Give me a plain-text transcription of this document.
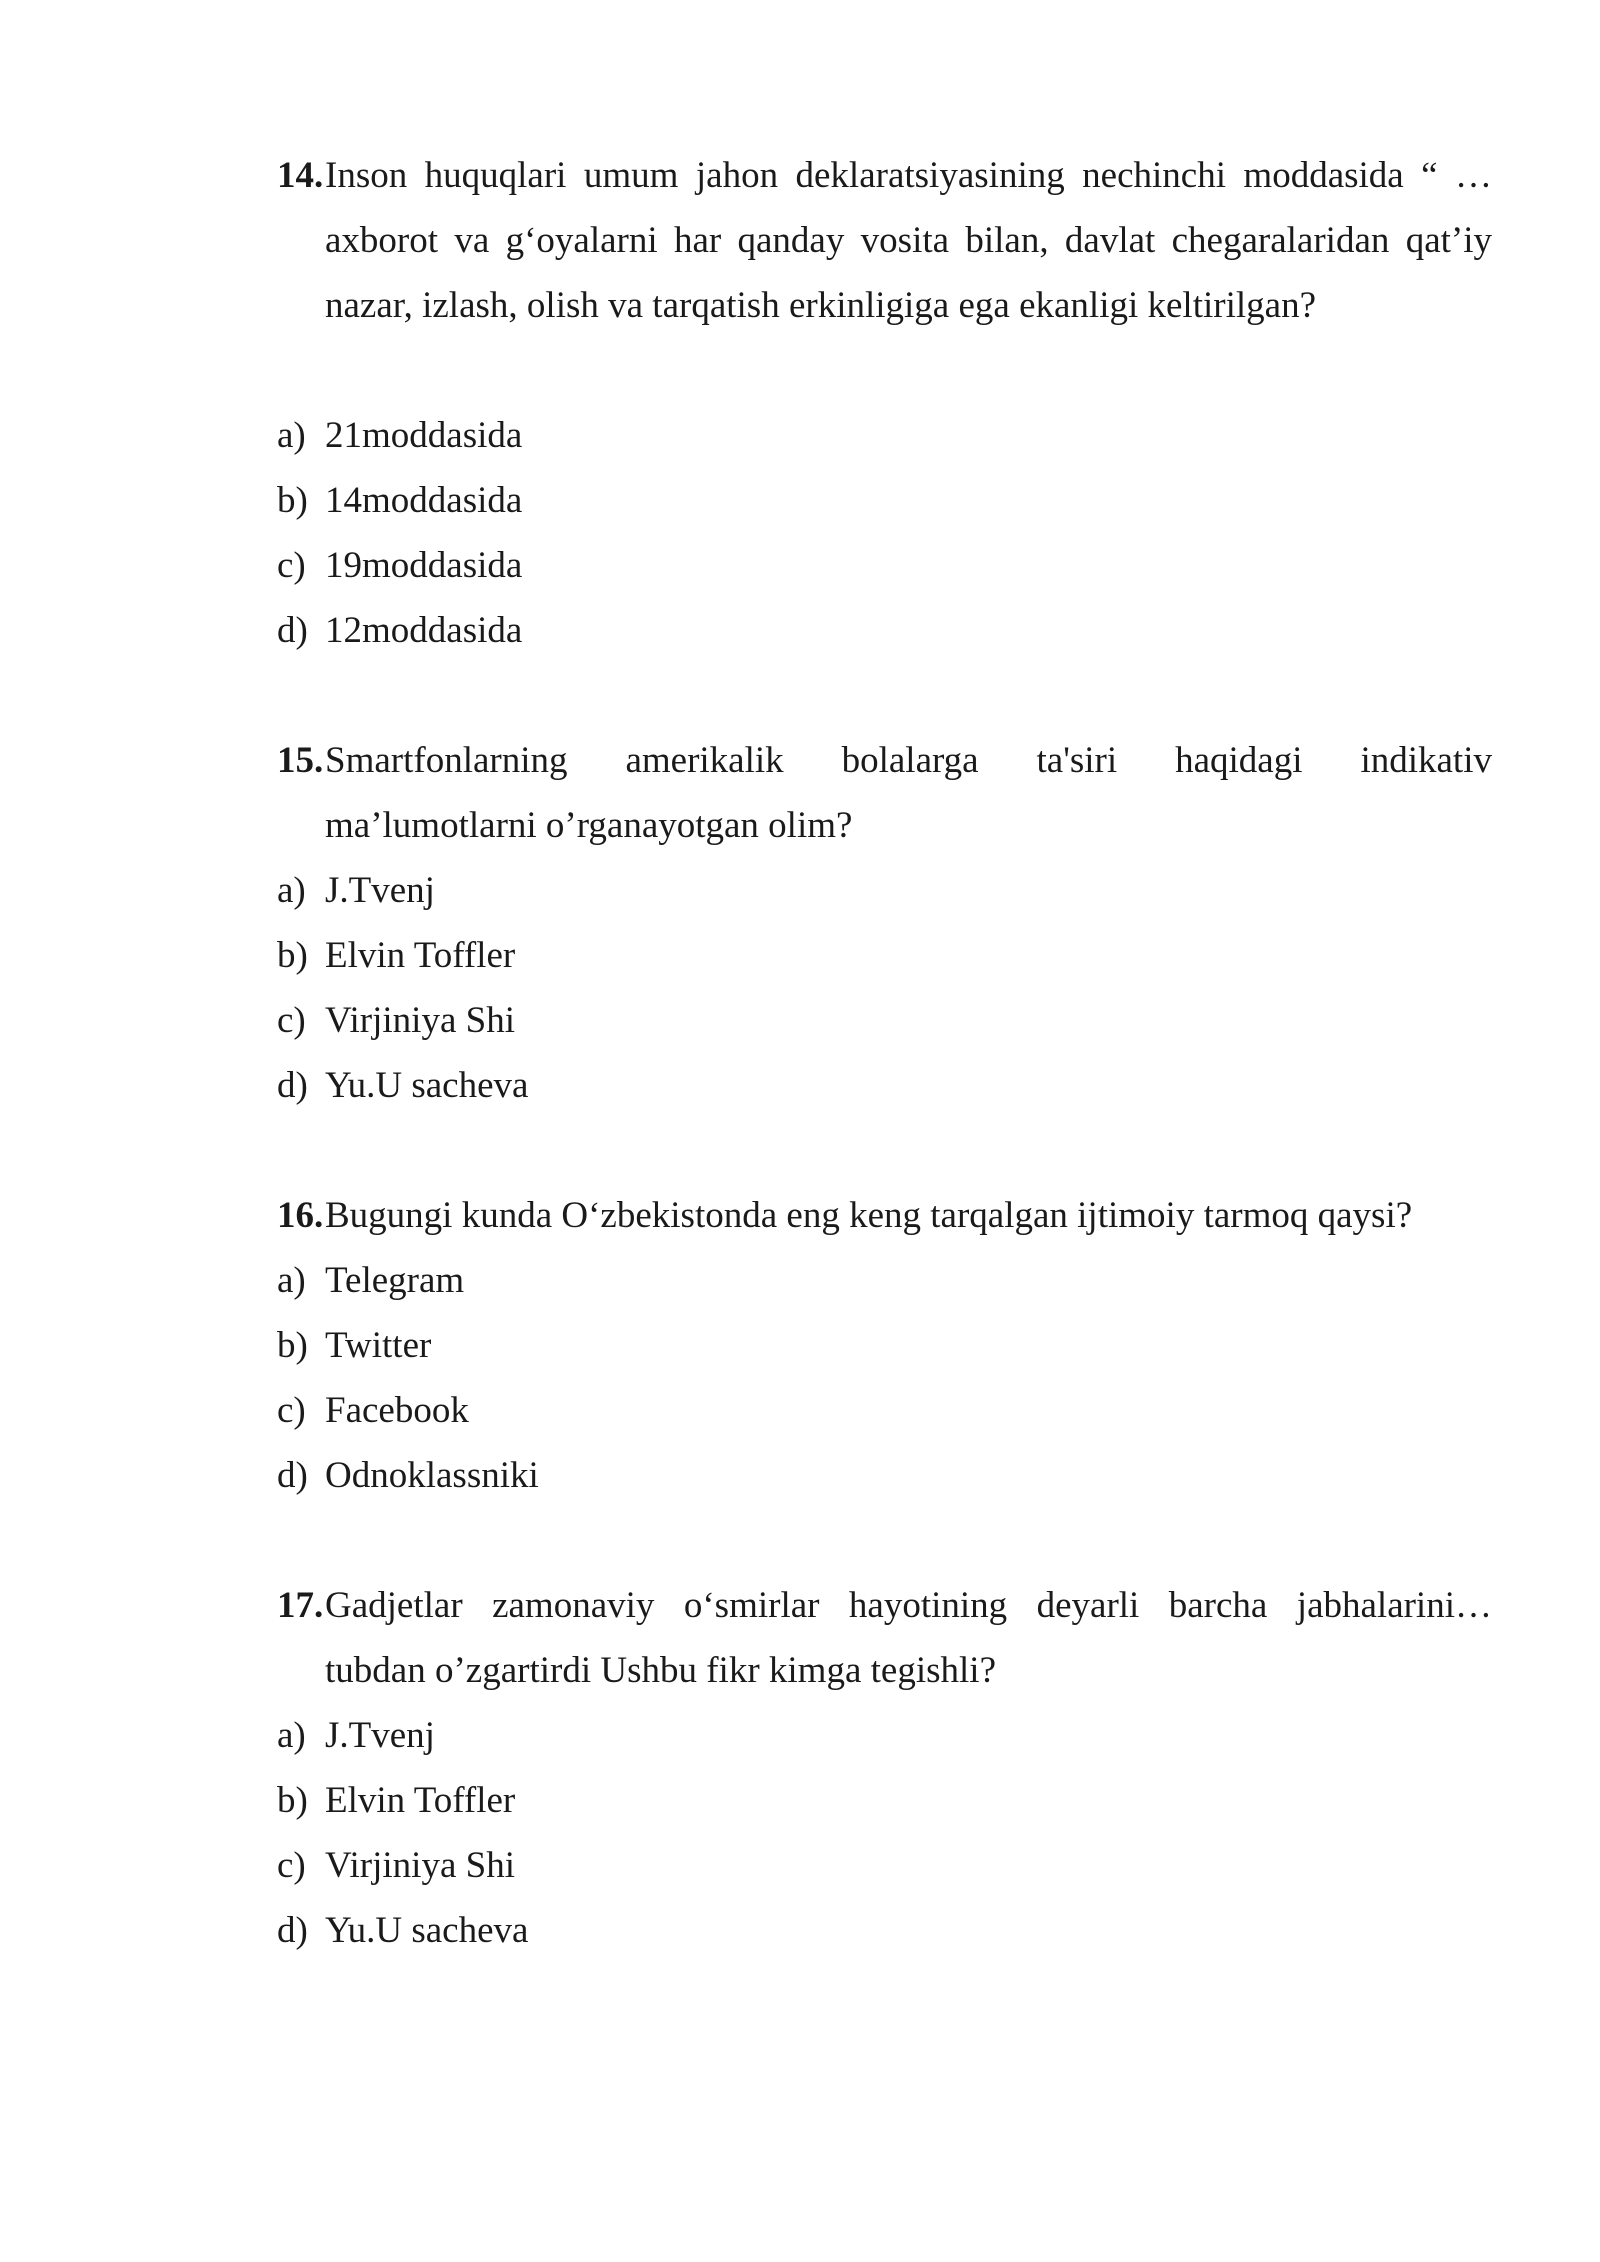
14. Inson huquqlari umum jahon deklaratsiyasining nechinchi moddasida “ …
axborot va g‘oyalarni har qanday vosita bilan, davlat chegaralaridan qat’iy
nazar, izlash, olish va tarqatish erkinligiga ega ekanligi keltirilgan?
a) 21moddasida
b) 14moddasida
c) 19moddasida
d) 12moddasida
15. Smartfonlarning amerikalik bolalarga ta'siri haqidagi indikativ
ma’lumotlarni o’rganayotgan olim?
a) J.Tvenj
b) Elvin Toffler
c) Virjiniya Shi
d) Yu.U sacheva
16. Bugungi kunda O‘zbekistonda eng keng tarqalgan ijtimoiy tarmoq qaysi?
a) Telegram
b) Twitter
c) Facebook
d) Odnoklassniki
17. Gadjetlar zamonaviy o‘smirlar hayotining deyarli barcha jabhalarini…
tubdan o’zgartirdi Ushbu fikr kimga tegishli?
a) J.Tvenj
b) Elvin Toffler
c) Virjiniya Shi
d) Yu.U sacheva
